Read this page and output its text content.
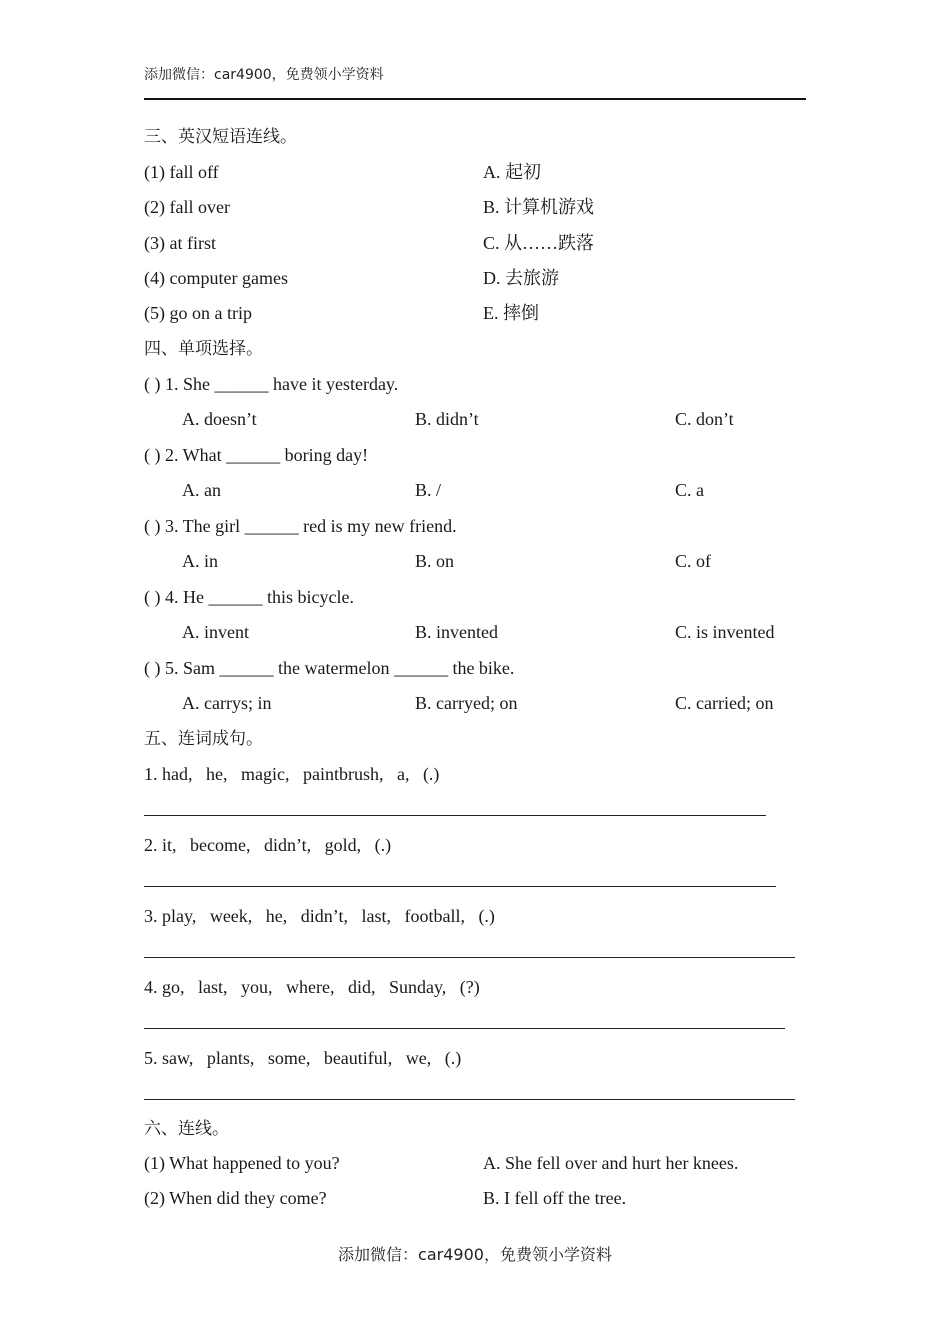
添加微信：car4900，免费领小学资料
三、英汉短语连线。
(1) fall off	A. 起初
(2) fall over	B. 计算机游戏
(3) at first	C. 从……跌落
(4) computer games	D. 去旅游
(5) go on a trip	E. 摔倒
四、单项选择。
( ) 1. She ______ have it yesterday.
A. doesn’t	B. didn’t	C. don’t
( ) 2. What ______ boring day!
A. an	B. /	C. a
( ) 3. The girl ______ red is my new friend.
A. in	B. on	C. of
( ) 4. He ______ this bicycle.
A. invent	B. invented	C. is invented
( ) 5. Sam ______ the watermelon ______ the bike.
A. carrys; in	B. carryed; on	C. carried; on
五、连词成句。
1. had,   he,   magic,   paintbrush,   a,   (.)
2. it,   become,   didn’t,   gold,   (.)
3. play,   week,   he,   didn’t,   last,   football,   (.)
4. go,   last,   you,   where,   did,   Sunday,   (?)
5. saw,   plants,   some,   beautiful,   we,   (.)
六、连线。
(1) What happened to you?	A. She fell over and hurt her knees.
(2) When did they come?	B. I fell off the tree.
添加微信：car4900，免费领小学资料
